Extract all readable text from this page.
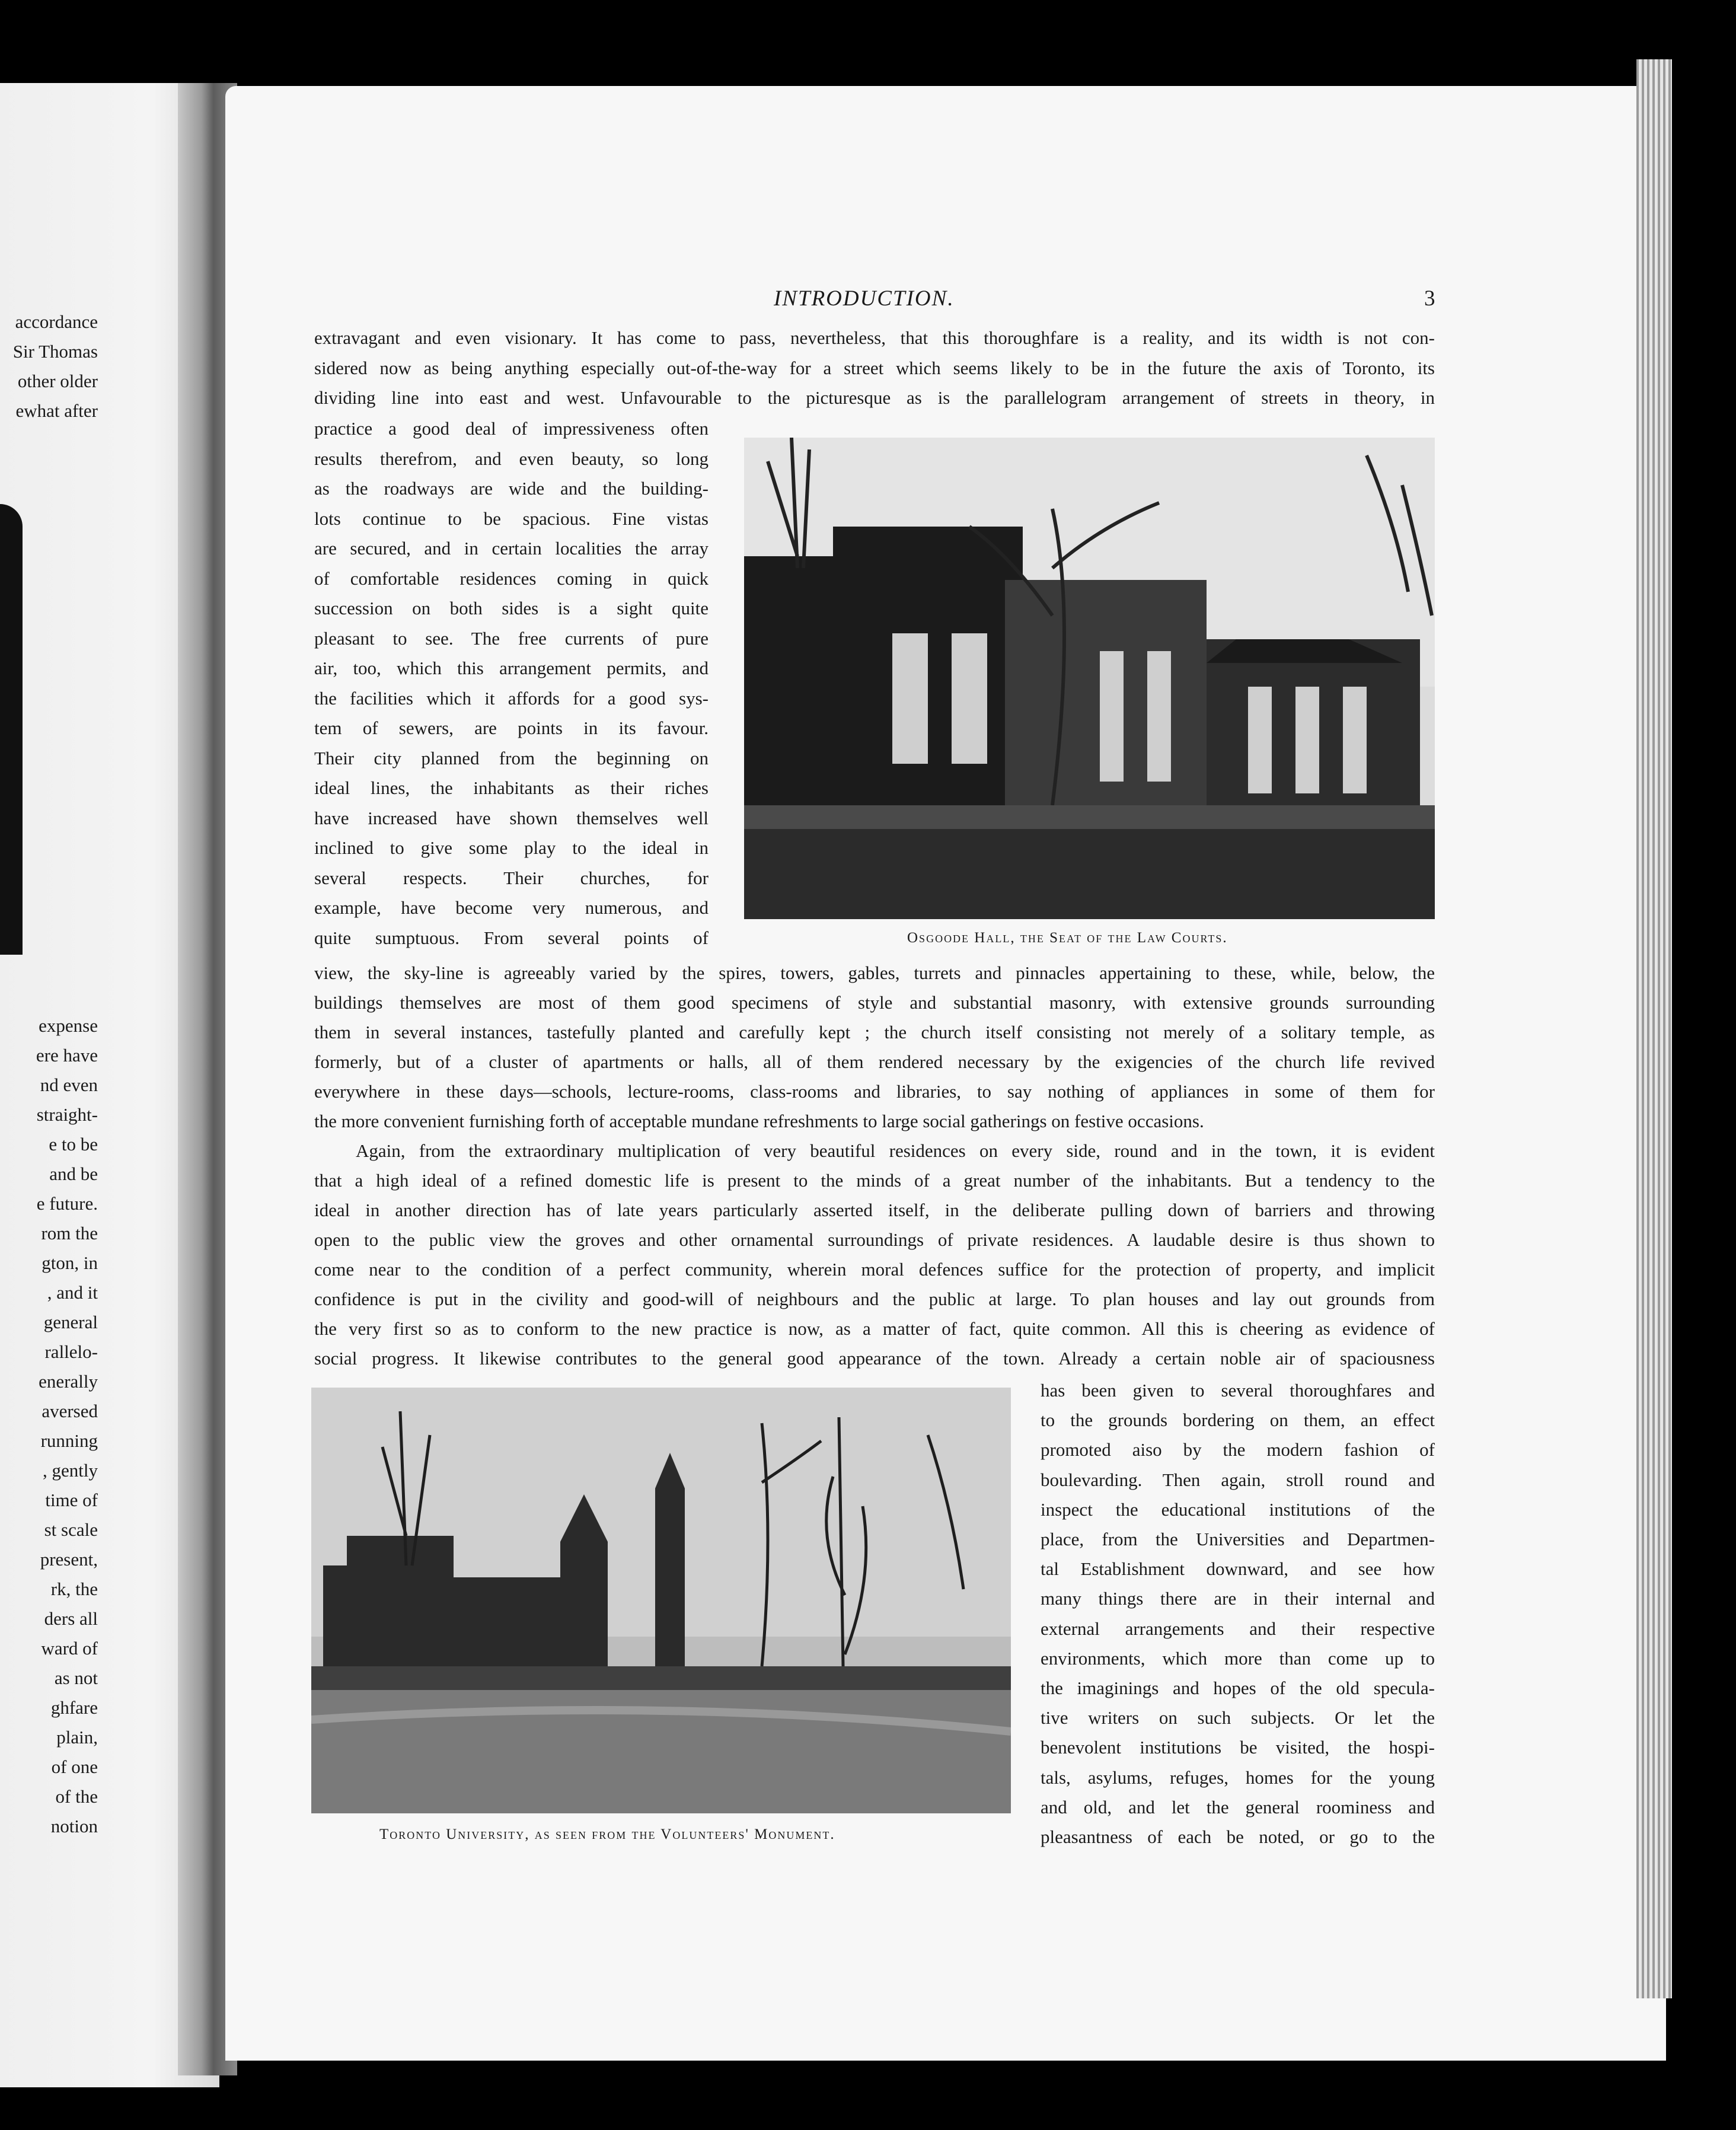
accordance
Sir Thomas
other older
ewhat after
expense
ere have
nd even
straight-
e to be
and be
e future.
rom the
gton, in
, and it
general
rallelo-
enerally
aversed
running
, gently
time of
st scale
present,
rk, the
ders all
ward of
as not
ghfare
plain,
of one
of the
notion
INTRODUCTION.	3
extravagant and even visionary. It has come to pass, nevertheless, that this thoroughfare is a reality, and its width is not con-
sidered now as being anything especially out-of-the-way for a street which seems likely to be in the future the axis of Toronto, its
dividing line into east and west. Unfavourable to the picturesque as is the parallelogram arrangement of streets in theory, in
practice a good deal of impressiveness often
results therefrom, and even beauty, so long
as the roadways are wide and the building-
lots continue to be spacious. Fine vistas
are secured, and in certain localities the array
of comfortable residences coming in quick
succession on both sides is a sight quite
pleasant to see. The free currents of pure
air, too, which this arrangement permits, and
the facilities which it affords for a good sys-
tem of sewers, are points in its favour.
Their city planned from the beginning on
ideal lines, the inhabitants as their riches
have increased have shown themselves well
inclined to give some play to the ideal in
several respects. Their churches, for
example, have become very numerous, and
quite sumptuous. From several points of	Osgoode Hall, the Seat of the Law Courts.
view, the sky-line is agreeably varied by the spires, towers, gables, turrets and pinnacles appertaining to these, while, below, the
buildings themselves are most of them good specimens of style and substantial masonry, with extensive grounds surrounding
them in several instances, tastefully planted and carefully kept ; the church itself consisting not merely of a solitary temple, as
formerly, but of a cluster of apartments or halls, all of them rendered necessary by the exigencies of the church life revived
everywhere in these days—schools, lecture-rooms, class-rooms and libraries, to say nothing of appliances in some of them for
the more convenient furnishing forth of acceptable mundane refreshments to large social gatherings on festive occasions.
Again, from the extraordinary multiplication of very beautiful residences on every side, round and in the town, it is evident
that a high ideal of a refined domestic life is present to the minds of a great number of the inhabitants. But a tendency to the
ideal in another direction has of late years particularly asserted itself, in the deliberate pulling down of barriers and throwing
open to the public view the groves and other ornamental surroundings of private residences. A laudable desire is thus shown to
come near to the condition of a perfect community, wherein moral defences suffice for the protection of property, and implicit
confidence is put in the civility and good-will of neighbours and the public at large. To plan houses and lay out grounds from
the very first so as to conform to the new practice is now, as a matter of fact, quite common. All this is cheering as evidence of
social progress. It likewise contributes to the general good appearance of the town. Already a certain noble air of spaciousness
Toronto University, as seen from the Volunteers' Monument.
has been given to several thoroughfares and
to the grounds bordering on them, an effect
promoted aiso by the modern fashion of
boulevarding. Then again, stroll round and
inspect the educational institutions of the
place, from the Universities and Departmen-
tal Establishment downward, and see how
many things there are in their internal and
external arrangements and their respective
environments, which more than come up to
the imaginings and hopes of the old specula-
tive writers on such subjects. Or let the
benevolent institutions be visited, the hospi-
tals, asylums, refuges, homes for the young
and old, and let the general roominess and
pleasantness of each be noted, or go to the
